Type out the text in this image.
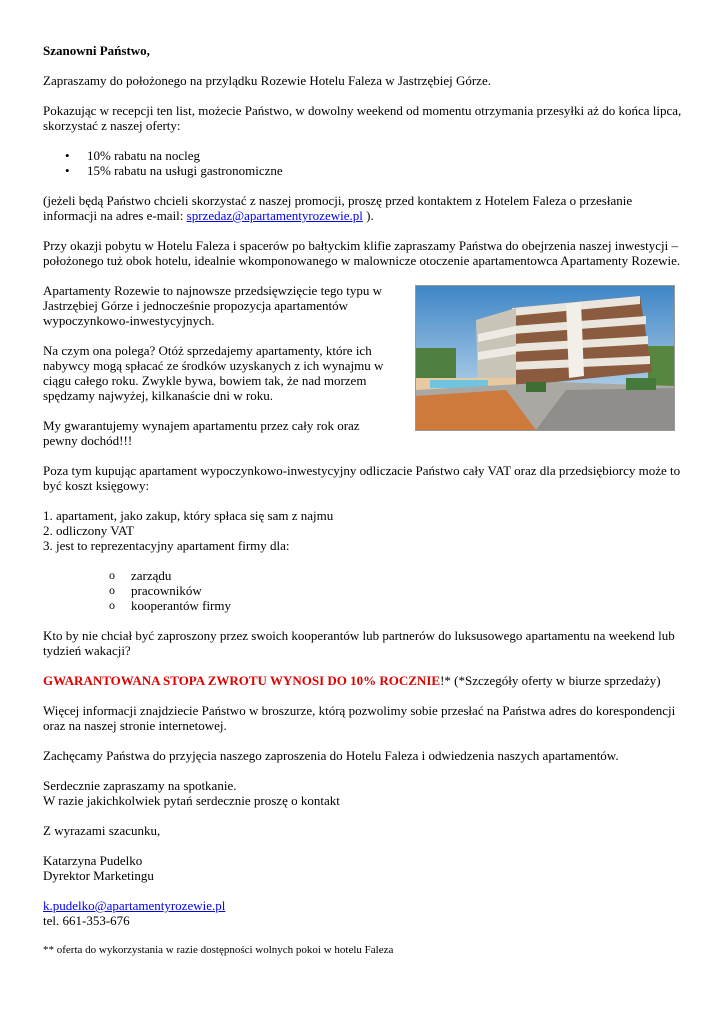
Szanowni Państwo,

Zapraszamy do położonego na przylądku Rozewie Hotelu Faleza w Jastrzębiej Górze.

Pokazując w recepcji ten list, możecie Państwo, w dowolny weekend od momentu otrzymania przesyłki aż do końca lipca, skorzystać z naszej oferty:

• 10% rabatu na nocleg
• 15% rabatu na usługi gastronomiczne

(jeżeli będą Państwo chcieli skorzystać z naszej promocji, proszę przed kontaktem z Hotelem Faleza o przesłanie informacji na adres e-mail: sprzedaz@apartamentyrozewie.pl ).

Przy okazji pobytu w Hotelu Faleza i spacerów po bałtyckim klifie zapraszamy Państwa do obejrzenia naszej inwestycji – położonego tuż obok hotelu, idealnie wkomponowanego w malownicze otoczenie apartamentowca Apartamenty Rozewie.

Apartamenty Rozewie to najnowsze przedsięwzięcie tego typu w Jastrzębiej Górze i jednocześnie propozycja apartamentów wypoczynkowo-inwestycyjnych.

Na czym ona polega? Otóż sprzedajemy apartamenty, które ich nabywcy mogą spłacać ze środków uzyskanych z ich wynajmu w ciągu całego roku. Zwykle bywa, bowiem tak, że nad morzem spędzamy najwyżej, kilkanaście dni w roku.

My gwarantujemy wynajem apartamentu przez cały rok oraz pewny dochód!!!

Poza tym kupując apartament wypoczynkowo-inwestycyjny odliczacie Państwo cały VAT oraz dla przedsiębiorcy może to być koszt księgowy:

1. apartament, jako zakup, który spłaca się sam z najmu
2. odliczony VAT
3. jest to reprezentacyjny apartament firmy dla:
o zarządu
o pracowników
o kooperantów firmy

Kto by nie chciał być zaproszony przez swoich kooperantów lub partnerów do luksusowego apartamentu na weekend lub tydzień wakacji?

GWARANTOWANA STOPA ZWROTU WYNOSI DO 10% ROCZNIE!* (*Szczegóły oferty w biurze sprzedaży)

Więcej informacji znajdziecie Państwo w broszurze, którą pozwolimy sobie przesłać na Państwa adres do korespondencji oraz na naszej stronie internetowej.

Zachęcamy Państwa do przyjęcia naszego zaproszenia do Hotelu Faleza i odwiedzenia naszych apartamentów.

Serdecznie zapraszamy na spotkanie.

W razie jakichkolwiek pytań serdecznie proszę o kontakt

Z wyrazami szacunku,

Katarzyna Pudelko

Dyrektor Marketingu

k.pudelko@apartamentyrozewie.pl

tel. 661-353-676

** oferta do wykorzystania w razie dostępności wolnych pokoi w hotelu Faleza
